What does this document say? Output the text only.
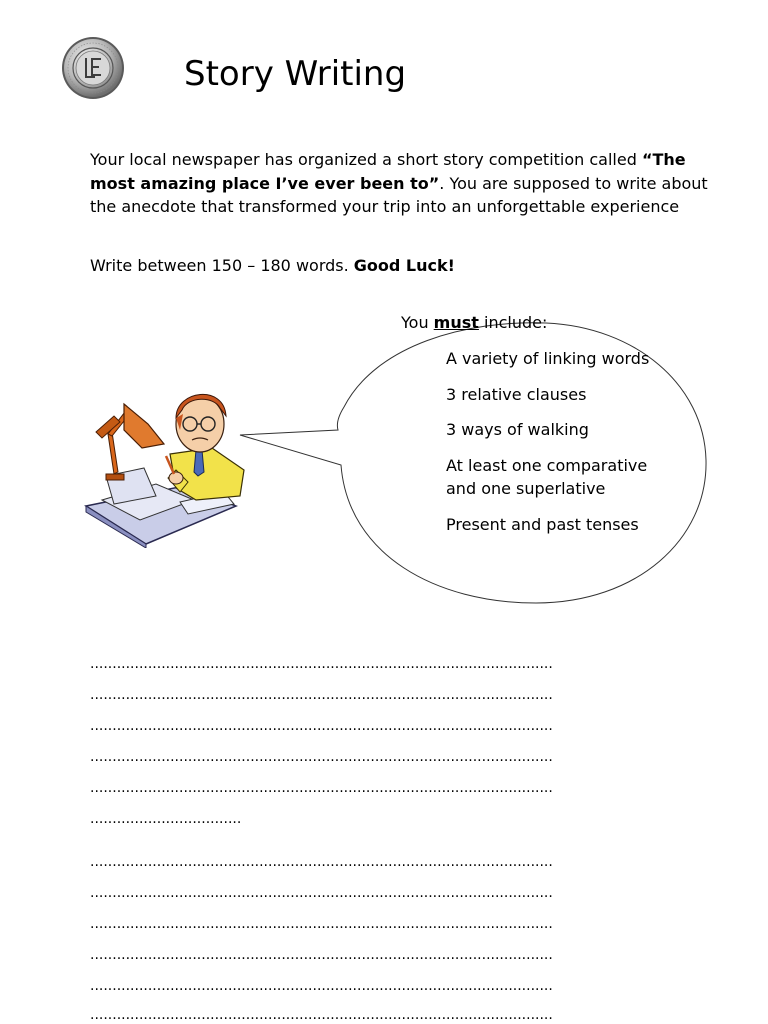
Story Writing
Your local newspaper has organized a short story competition called “The most amazing place I’ve ever been to”. You are supposed to write about the anecdote that transformed your trip into an unforgettable experience
Write between 150 – 180 words. Good Luck!
You must include:
A variety of linking words
3 relative clauses
3 ways of walking
At least one comparative and one superlative
Present and past tenses
........................................................................................................
........................................................................................................
........................................................................................................
........................................................................................................
........................................................................................................
..................................
........................................................................................................
........................................................................................................
........................................................................................................
........................................................................................................
........................................................................................................
........................................................................................................
